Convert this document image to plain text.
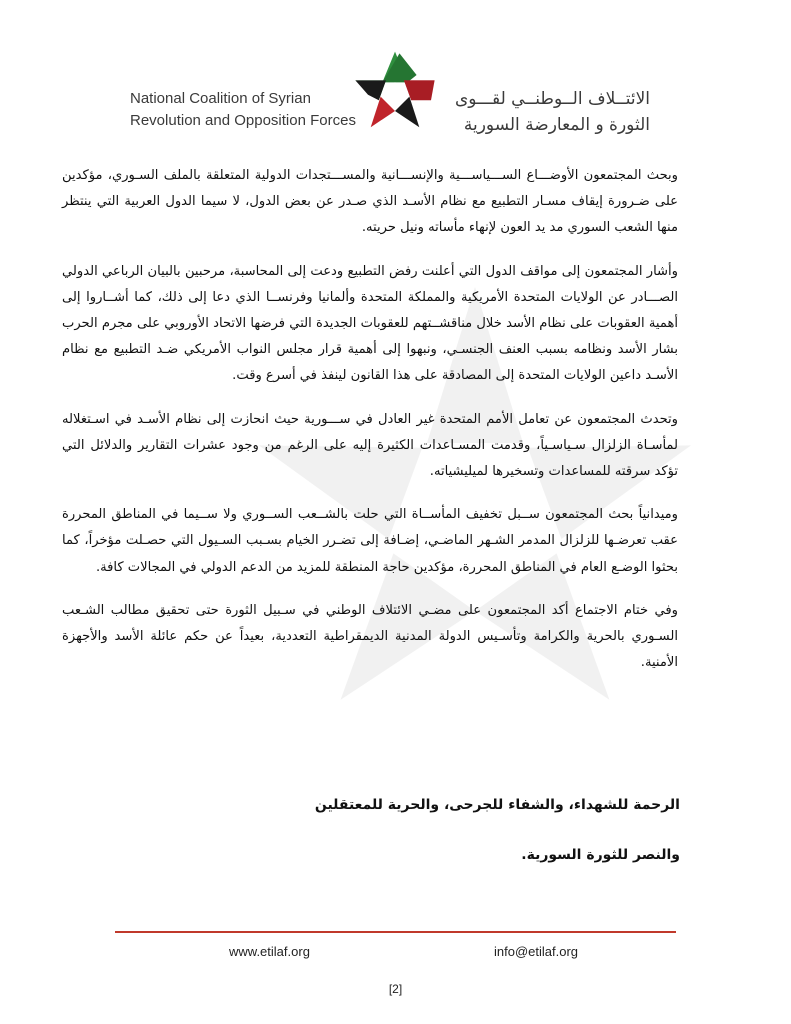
National Coalition of Syrian
Revolution and Opposition Forces
الائتــلاف الــوطنــي لقـــوى
الثورة و المعارضة السورية

وبحث المجتمعون الأوضـــاع الســـياســـية والإنســـانية والمســـتجدات الدولية المتعلقة بالملف السـوري، مؤكدين على ضـرورة إيقاف مسـار التطبيع مع نظام الأسـد الذي صـدر عن بعض الدول، لا سيما الدول العربية التي ينتظر منها الشعب السوري مد يد العون لإنهاء مأساته ونيل حريته.

وأشار المجتمعون إلى مواقف الدول التي أعلنت رفض التطبيع ودعت إلى المحاسبة، مرحبين بالبيان الرباعي الدولي الصـــادر عن الولايات المتحدة الأمريكية والمملكة المتحدة وألمانيا وفرنســا الذي دعا إلى ذلك، كما أشــاروا إلى أهمية العقوبات على نظام الأسد خلال مناقشــتهم للعقوبات الجديدة التي فرضها الاتحاد الأوروبي على مجرم الحرب بشار الأسد ونظامه بسبب العنف الجنسـي، ونبهوا إلى أهمية قرار مجلس النواب الأمريكي ضـد التطبيع مع نظام الأسـد داعين الولايات المتحدة إلى المصادقة على هذا القانون لينفذ في أسرع وقت.

وتحدث المجتمعون عن تعامل الأمم المتحدة غير العادل في ســـورية حيث انحازت إلى نظام الأسـد في اسـتغلاله لمأسـاة الزلزال سـياسـياً، وقدمت المسـاعدات الكثيرة إليه على الرغم من وجود عشرات التقارير والدلائل التي تؤكد سرقته للمساعدات وتسخيرها لميليشياته.

وميدانياً بحث المجتمعون ســبل تخفيف المأســاة التي حلت بالشــعب الســوري ولا ســيما في المناطق المحررة عقب تعرضـها للزلزال المدمر الشـهر الماضـي، إضـافة إلى تضـرر الخيام بسـبب السـيول التي حصـلت مؤخراً، كما بحثوا الوضـع العام في المناطق المحررة، مؤكدين حاجة المنطقة للمزيد من الدعم الدولي في المجالات كافة.

وفي ختام الاجتماع أكد المجتمعون على مضـي الائتلاف الوطني في سـبيل الثورة حتى تحقيق مطالب الشـعب السـوري بالحرية والكرامة وتأسـيس الدولة المدنية الديمقراطية التعددية، بعيداً عن حكم عائلة الأسد والأجهزة الأمنية.

الرحمة للشهداء، والشفاء للجرحى، والحرية للمعتقلين
والنصر للثورة السورية.
www.etilaf.org	info@etilaf.org
[2]
